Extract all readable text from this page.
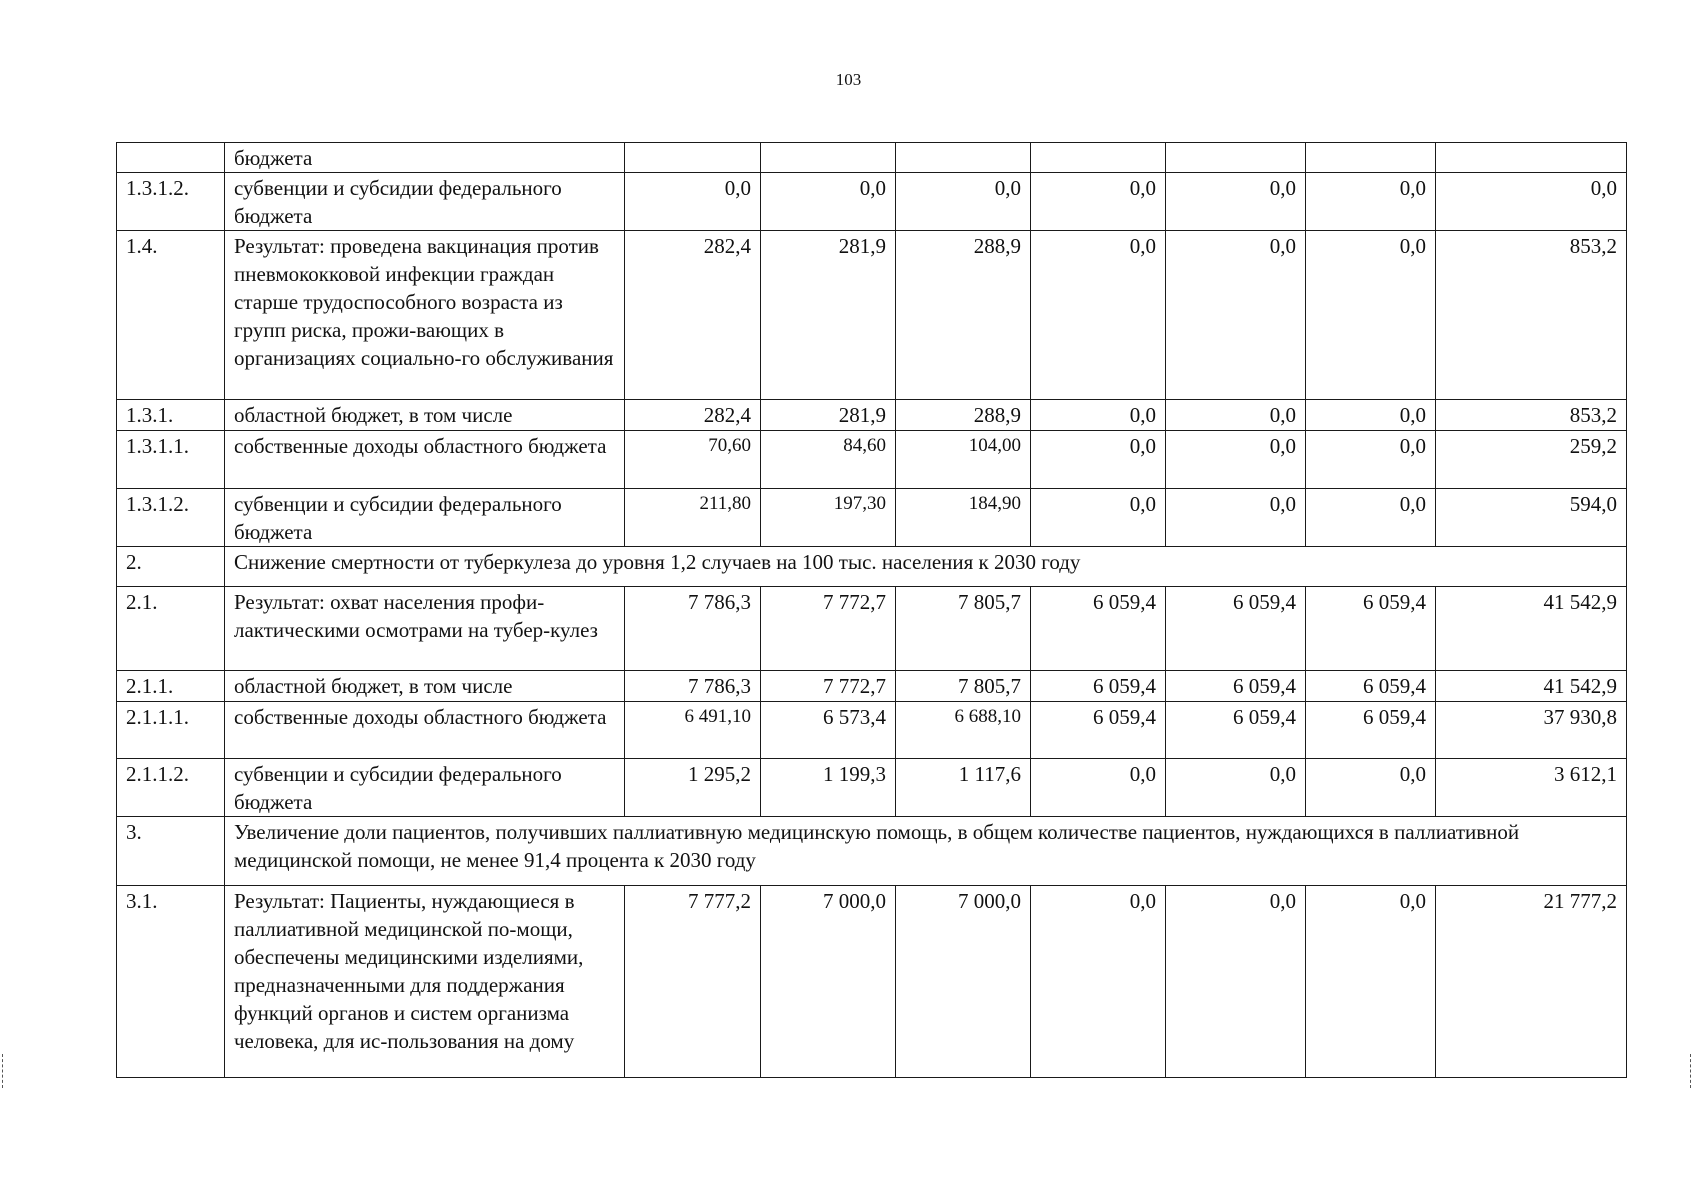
103
	бюджета							
1.3.1.2.	субвенции и субсидии федерального бюджета	0,0	0,0	0,0	0,0	0,0	0,0	0,0
1.4.	Результат: проведена вакцинация против пневмококковой инфекции граждан старше трудоспособного возраста из групп риска, прожи-вающих в организациях социально-го обслуживания	282,4	281,9	288,9	0,0	0,0	0,0	853,2
1.3.1.	областной бюджет, в том числе	282,4	281,9	288,9	0,0	0,0	0,0	853,2
1.3.1.1.	собственные доходы областного бюджета	70,60	84,60	104,00	0,0	0,0	0,0	259,2
1.3.1.2.	субвенции и субсидии федерального бюджета	211,80	197,30	184,90	0,0	0,0	0,0	594,0
2.	Снижение смертности от туберкулеза до уровня 1,2 случаев на 100 тыс. населения к 2030 году							
2.1.	Результат: охват населения профи-лактическими осмотрами на тубер-кулез	7 786,3	7 772,7	7 805,7	6 059,4	6 059,4	6 059,4	41 542,9
2.1.1.	областной бюджет, в том числе	7 786,3	7 772,7	7 805,7	6 059,4	6 059,4	6 059,4	41 542,9
2.1.1.1.	собственные доходы областного бюджета	6 491,10	6 573,4	6 688,10	6 059,4	6 059,4	6 059,4	37 930,8
2.1.1.2.	субвенции и субсидии федерального бюджета	1 295,2	1 199,3	1 117,6	0,0	0,0	0,0	3 612,1
3.	Увеличение доли пациентов, получивших паллиативную медицинскую помощь, в общем количестве пациентов, нуждающихся в паллиативной медицинской помощи, не менее 91,4 процента к 2030 году							
3.1.	Результат: Пациенты, нуждающиеся в паллиативной медицинской по-мощи, обеспечены медицинскими изделиями, предназначенными для поддержания функций органов и систем организма человека, для ис-пользования на дому	7 777,2	7 000,0	7 000,0	0,0	0,0	0,0	21 777,2
